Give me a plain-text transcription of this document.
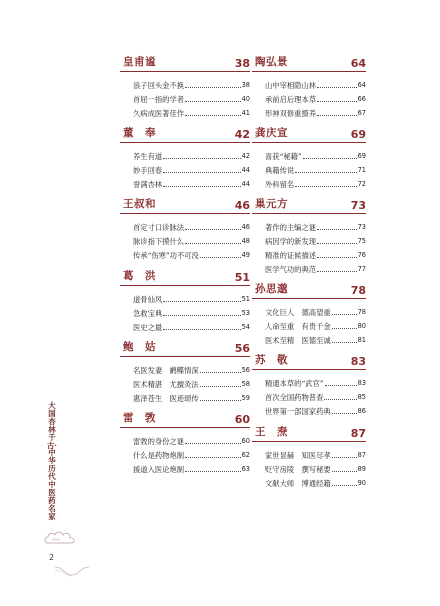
皇甫谧	38
浪子回头金不换	38
首屈一指的学者	40
久病成医著佳作	41
董　奉	42
养生有道	42
妙手回春	44
誉满杏林	44
王叔和	46
首定寸口诊脉法	46
脉诊指下摸什么	48
传承“伤寒”功不可没	49
葛　洪	51
道骨仙风	51
急救宝典	53
医史之最	54
鲍　姑	56
名医发妻　鹣鲽情深	56
医术精湛　尤擅灸法	58
惠泽苍生　医迹颂传	59
雷　敩	60
雷敩的身份之谜	60
什么是药物炮制	62
援道入医论炮制	63
陶弘景	64
山中宰相隐山林	64
承前启后理本草	66
形神双修重摄养	67
龚庆宣	69
喜获“秘籍”	69
典籍传说	71
外科留名	72
巢元方	73
著作的主编之谜	73
病因学的新发现	75
精准的证候描述	76
医学气功的典范	77
孙思邈	78
文化巨人　德高望重	78
人命至重　有贵千金	80
医术至精　医德至诚	81
苏　敬	83
精通本草的“武官”	83
首次全国药物普查	85
世界第一部国家药典	86
王　焘	87
家世显赫　知医尽孝	87
贬守房陵　撰写秘要	89
文献大师　博通经籍	90
大国杏林千古·中华历代中医药名家
2
